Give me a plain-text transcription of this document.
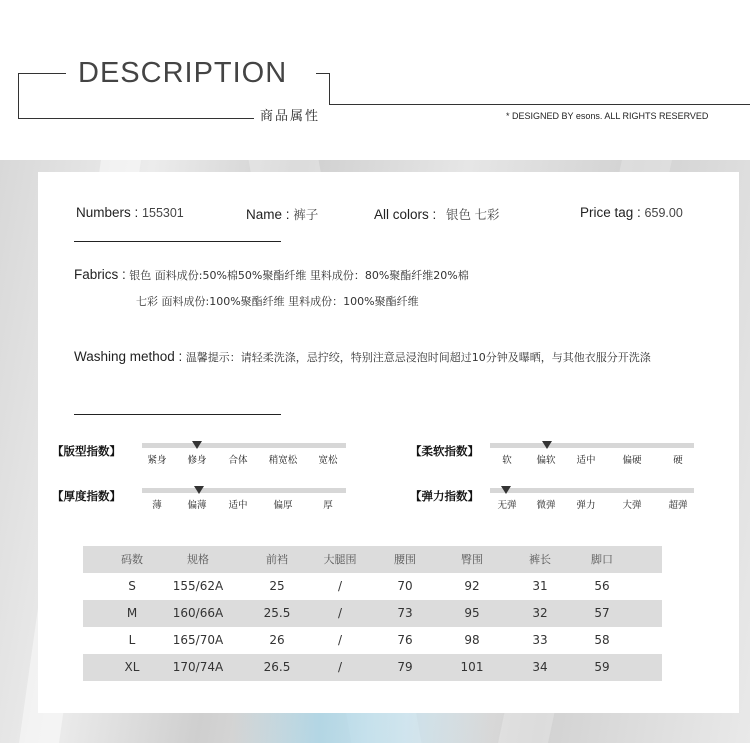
DESCRIPTION
商品属性	* DESIGNED BY esons. ALL RIGHTS RESERVED
Numbers : 155301	Name : 裤子	All colors : 银色 七彩	Price tag : 659.00
Fabrics : 银色 面料成份:50%棉50%聚酯纤维 里料成份：80%聚酯纤维20%棉
七彩 面料成份:100%聚酯纤维 里料成份：100%聚酯纤维
Washing method : 温馨提示：请轻柔洗涤，忌拧绞，特别注意忌浸泡时间超过10分钟及曝晒，与其他衣服分开洗涤
【版型指数】
紧身 修身 合体 稍宽松 宽松
【柔软指数】
软	偏软 适中	偏硬	硬
【厚度指数】
薄	偏薄 适中	偏厚	厚
【弹力指数】
无弹 微弹 弹力	大弹	超弹
码数	规格	前裆	大腿围	腰围	臀围	裤长	脚口
S	155/62A	25	/	70	92	31	56
M	160/66A	25.5	/	73	95	32	57
L	165/70A	26	/	76	98	33	58
XL	170/74A	26.5	/	79	101	34	59
